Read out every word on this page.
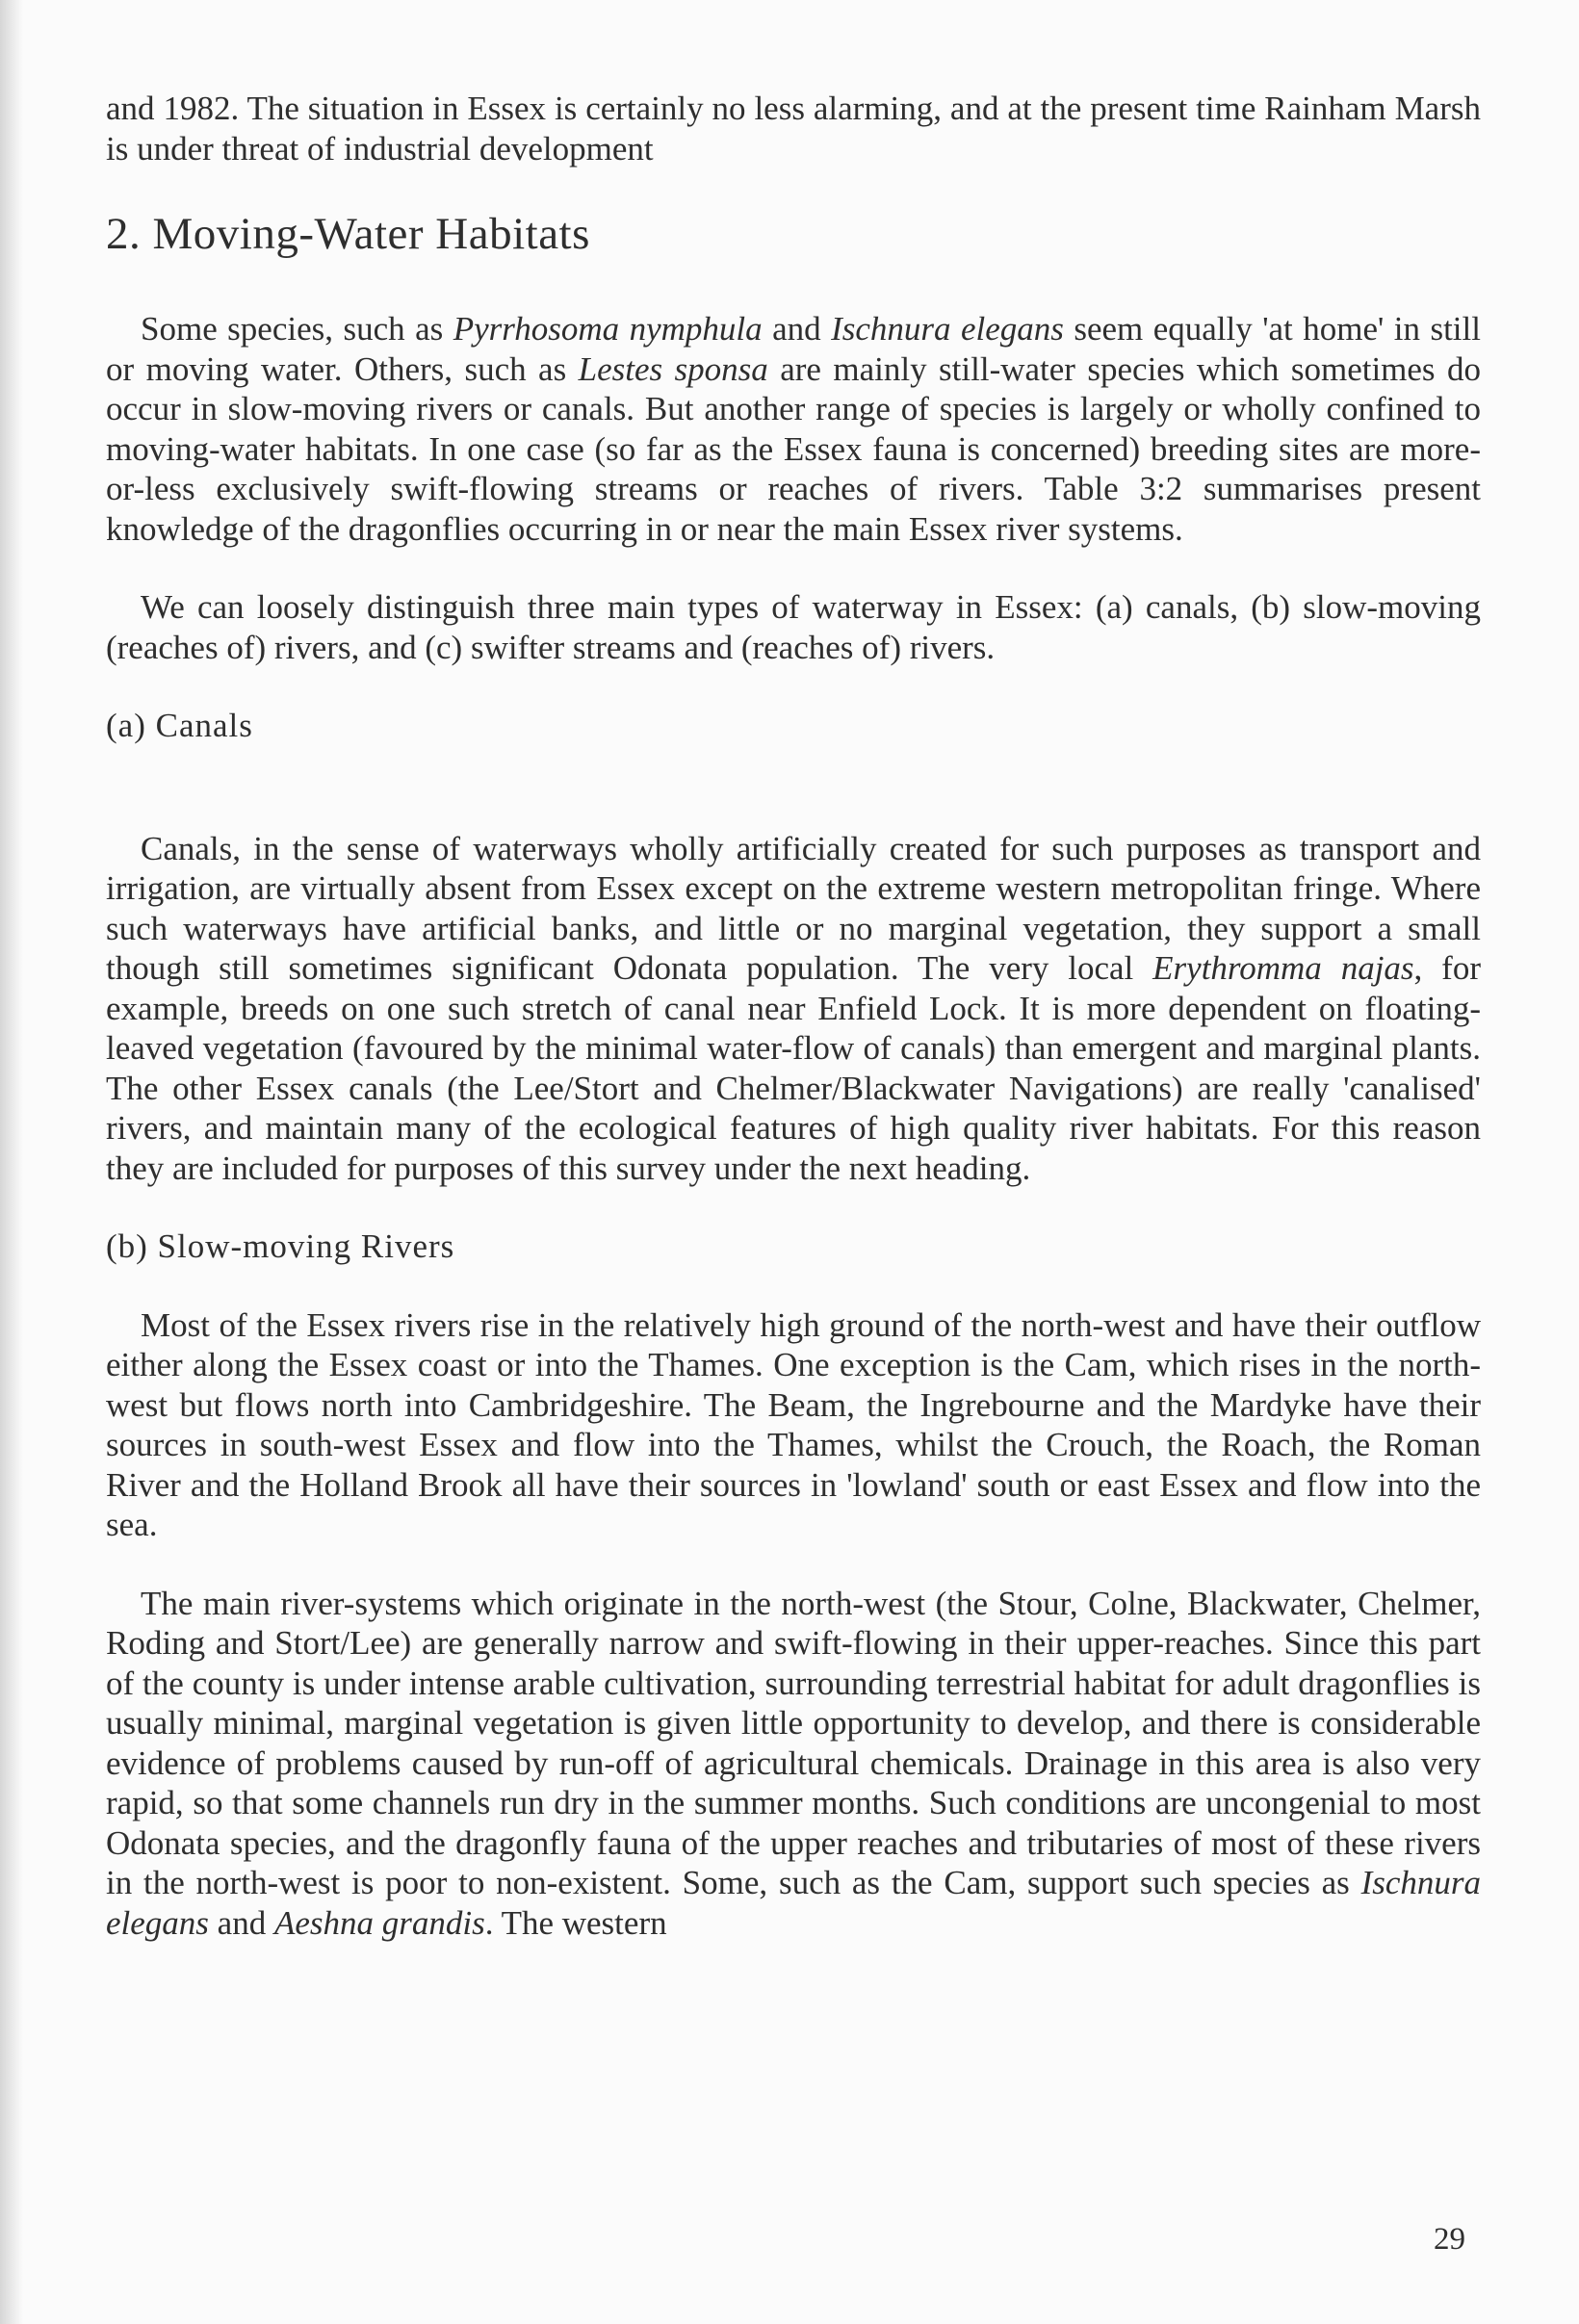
and 1982. The situation in Essex is certainly no less alarming, and at the present time Rainham Marsh is under threat of industrial development

2. Moving-Water Habitats

Some species, such as Pyrrhosoma nymphula and Ischnura elegans seem equally 'at home' in still or moving water. Others, such as Lestes sponsa are mainly still-water species which sometimes do occur in slow-moving rivers or canals. But another range of species is largely or wholly confined to moving-water habitats. In one case (so far as the Essex fauna is concerned) breeding sites are more-or-less exclusively swift-flowing streams or reaches of rivers. Table 3:2 summarises present knowledge of the dragonflies occurring in or near the main Essex river systems.

We can loosely distinguish three main types of waterway in Essex: (a) canals, (b) slow-moving (reaches of) rivers, and (c) swifter streams and (reaches of) rivers.

(a) Canals

Canals, in the sense of waterways wholly artificially created for such purposes as transport and irrigation, are virtually absent from Essex except on the extreme western metropolitan fringe. Where such waterways have artificial banks, and little or no marginal vegetation, they support a small though still sometimes significant Odonata population. The very local Erythromma najas, for example, breeds on one such stretch of canal near Enfield Lock. It is more dependent on floating-leaved vegetation (favoured by the minimal water-flow of canals) than emergent and marginal plants. The other Essex canals (the Lee/Stort and Chelmer/Blackwater Navigations) are really 'canalised' rivers, and maintain many of the ecological features of high quality river habitats. For this reason they are included for purposes of this survey under the next heading.

(b) Slow-moving Rivers

Most of the Essex rivers rise in the relatively high ground of the north-west and have their outflow either along the Essex coast or into the Thames. One exception is the Cam, which rises in the north-west but flows north into Cambridgeshire. The Beam, the Ingrebourne and the Mardyke have their sources in south-west Essex and flow into the Thames, whilst the Crouch, the Roach, the Roman River and the Holland Brook all have their sources in 'lowland' south or east Essex and flow into the sea.

The main river-systems which originate in the north-west (the Stour, Colne, Blackwater, Chelmer, Roding and Stort/Lee) are generally narrow and swift-flowing in their upper-reaches. Since this part of the county is under intense arable cultivation, surrounding terrestrial habitat for adult dragonflies is usually minimal, marginal vegetation is given little opportunity to develop, and there is considerable evidence of problems caused by run-off of agricultural chemicals. Drainage in this area is also very rapid, so that some channels run dry in the summer months. Such conditions are uncongenial to most Odonata species, and the dragonfly fauna of the upper reaches and tributaries of most of these rivers in the north-west is poor to non-existent. Some, such as the Cam, support such species as Ischnura elegans and Aeshna grandis. The western

29
